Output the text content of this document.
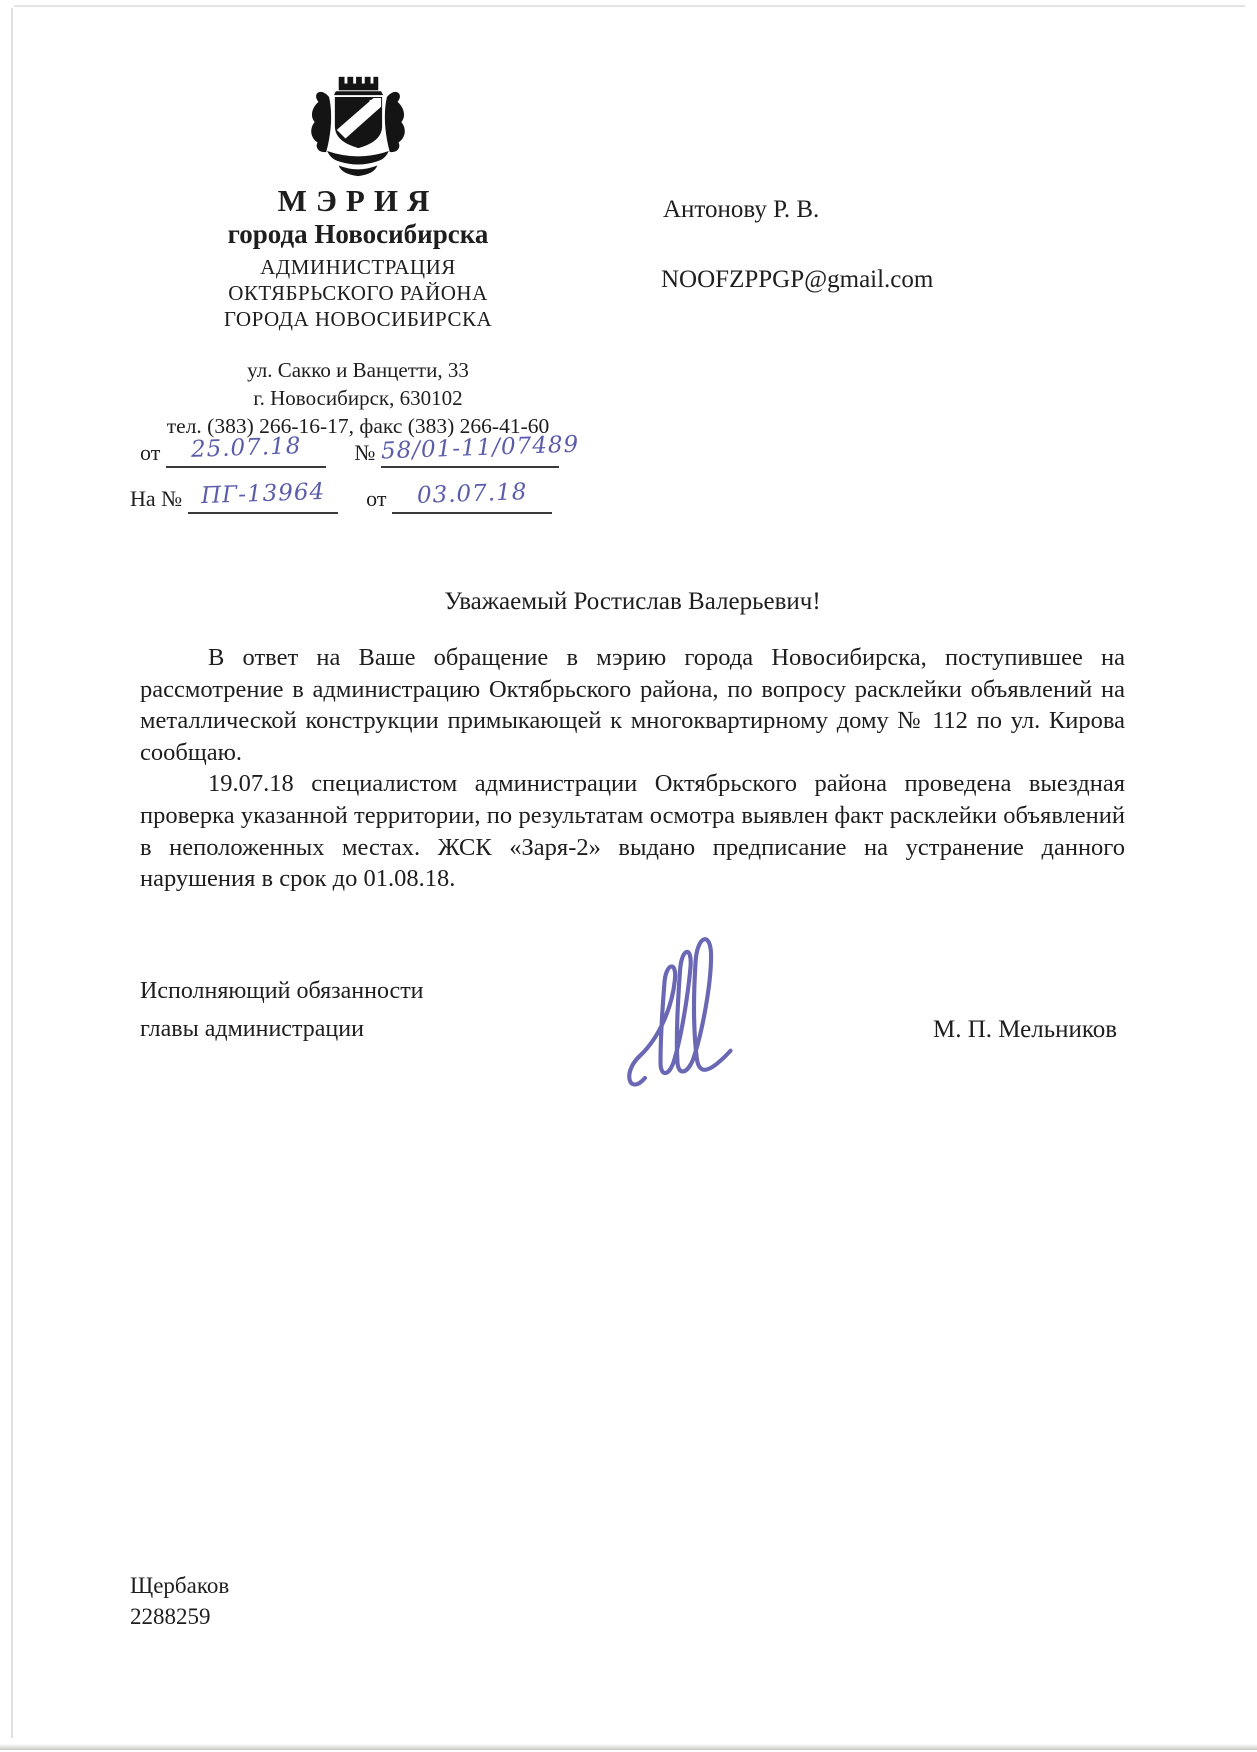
МЭРИЯ
города Новосибирска
АДМИНИСТРАЦИЯ
ОКТЯБРЬСКОГО РАЙОНА
ГОРОДА НОВОСИБИРСКА
ул. Сакко и Ванцетти, 33
г. Новосибирск, 630102
тел. (383) 266-16-17, факс (383) 266-41-60
от	25.07.18	№ 58/01-11/07489
На № ПГ-13964	от	03.07.18
Антонову Р. В.
NOOFZPPGP@gmail.com
Уважаемый Ростислав Валерьевич!

В ответ на Ваше обращение в мэрию города Новосибирска, поступившее на рассмотрение в администрацию Октябрьского района, по вопросу расклейки объявлений на металлической конструкции примыкающей к многоквартирному дому № 112 по ул. Кирова сообщаю.

19.07.18 специалистом администрации Октябрьского района проведена выездная проверка указанной территории, по результатам осмотра выявлен факт расклейки объявлений в неположенных местах. ЖСК «Заря-2» выдано предписание на устранение данного нарушения в срок до 01.08.18.

Исполняющий обязанности
главы администрации	М. П. Мельников
Щербаков
2288259
